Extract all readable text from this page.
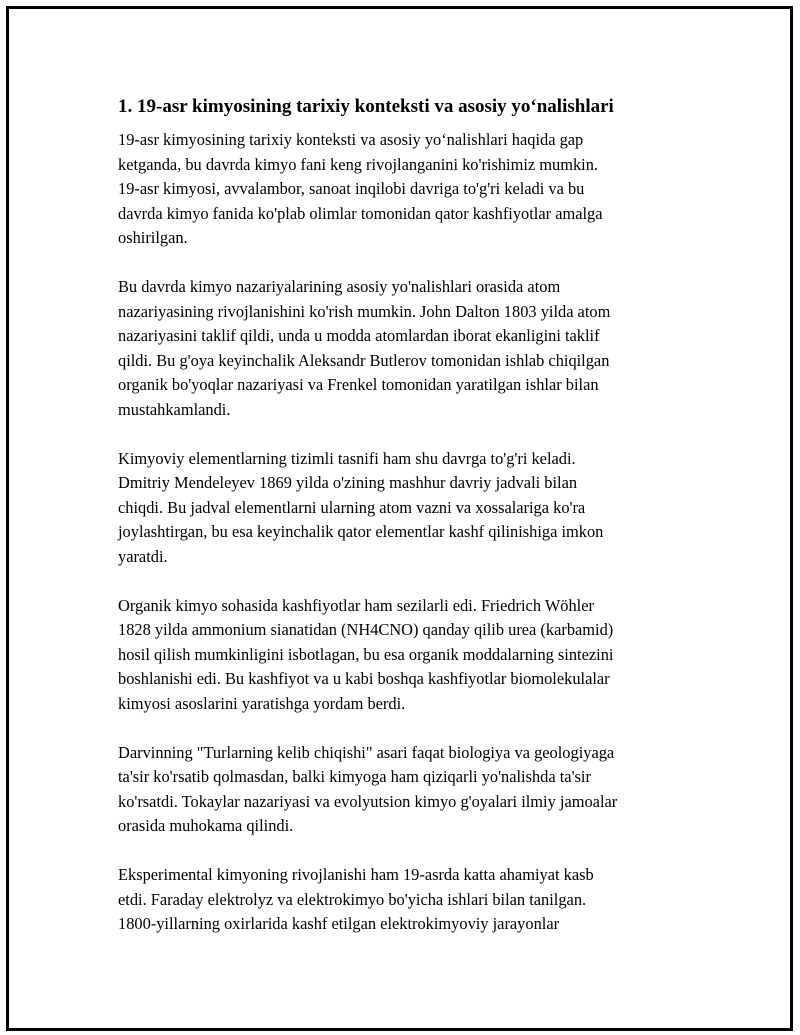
1. 19-asr kimyosining tarixiy konteksti va asosiy yo‘nalishlari

19-asr kimyosining tarixiy konteksti va asosiy yo‘nalishlari haqida gap
ketganda, bu davrda kimyo fani keng rivojlanganini ko'rishimiz mumkin.
19-asr kimyosi, avvalambor, sanoat inqilobi davriga to'g'ri keladi va bu
davrda kimyo fanida ko'plab olimlar tomonidan qator kashfiyotlar amalga
oshirilgan.

Bu davrda kimyo nazariyalarining asosiy yo'nalishlari orasida atom
nazariyasining rivojlanishini ko'rish mumkin. John Dalton 1803 yilda atom
nazariyasini taklif qildi, unda u modda atomlardan iborat ekanligini taklif
qildi. Bu g'oya keyinchalik Aleksandr Butlerov tomonidan ishlab chiqilgan
organik bo'yoqlar nazariyasi va Frenkel tomonidan yaratilgan ishlar bilan
mustahkamlandi.

Kimyoviy elementlarning tizimli tasnifi ham shu davrga to'g'ri keladi.
Dmitriy Mendeleyev 1869 yilda o'zining mashhur davriy jadvali bilan
chiqdi. Bu jadval elementlarni ularning atom vazni va xossalariga ko'ra
joylashtirgan, bu esa keyinchalik qator elementlar kashf qilinishiga imkon
yaratdi.

Organik kimyo sohasida kashfiyotlar ham sezilarli edi. Friedrich Wöhler
1828 yilda ammonium sianatidan (NH4CNO) qanday qilib urea (karbamid)
hosil qilish mumkinligini isbotlagan, bu esa organik moddalarning sintezini
boshlanishi edi. Bu kashfiyot va u kabi boshqa kashfiyotlar biomolekulalar
kimyosi asoslarini yaratishga yordam berdi.

Darvinning "Turlarning kelib chiqishi" asari faqat biologiya va geologiyaga
ta'sir ko'rsatib qolmasdan, balki kimyoga ham qiziqarli yo'nalishda ta'sir
ko'rsatdi. Tokaylar nazariyasi va evolyutsion kimyo g'oyalari ilmiy jamoalar
orasida muhokama qilindi.

Eksperimental kimyoning rivojlanishi ham 19-asrda katta ahamiyat kasb
etdi. Faraday elektrolyz va elektrokimyo bo'yicha ishlari bilan tanilgan.
1800-yillarning oxirlarida kashf etilgan elektrokimyoviy jarayonlar
